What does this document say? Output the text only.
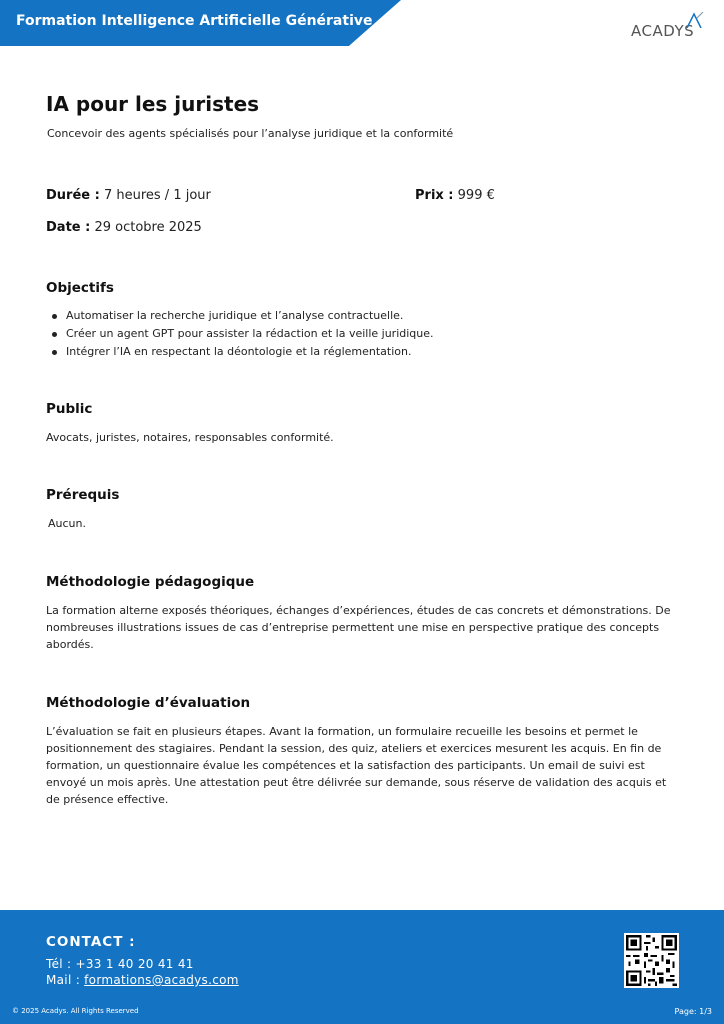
Formation Intelligence Artificielle Générative
ACADYS
IA pour les juristes
Concevoir des agents spécialisés pour l’analyse juridique et la conformité
Durée : 7 heures / 1 jour	Prix : 999 €
Date : 29 octobre 2025
Objectifs
Automatiser la recherche juridique et l’analyse contractuelle.
Créer un agent GPT pour assister la rédaction et la veille juridique.
Intégrer l’IA en respectant la déontologie et la réglementation.
Public
Avocats, juristes, notaires, responsables conformité.
Prérequis
Aucun.
Méthodologie pédagogique
La formation alterne exposés théoriques, échanges d’expériences, études de cas concrets et démonstrations. De nombreuses illustrations issues de cas d’entreprise permettent une mise en perspective pratique des concepts abordés.
Méthodologie d’évaluation
L’évaluation se fait en plusieurs étapes. Avant la formation, un formulaire recueille les besoins et permet le positionnement des stagiaires. Pendant la session, des quiz, ateliers et exercices mesurent les acquis. En fin de formation, un questionnaire évalue les compétences et la satisfaction des participants. Un email de suivi est envoyé un mois après. Une attestation peut être délivrée sur demande, sous réserve de validation des acquis et de présence effective.
CONTACT :
Tél : +33 1 40 20 41 41
Mail : formations@acadys.com
© 2025 Acadys. All Rights Reserved	Page: 1/3
